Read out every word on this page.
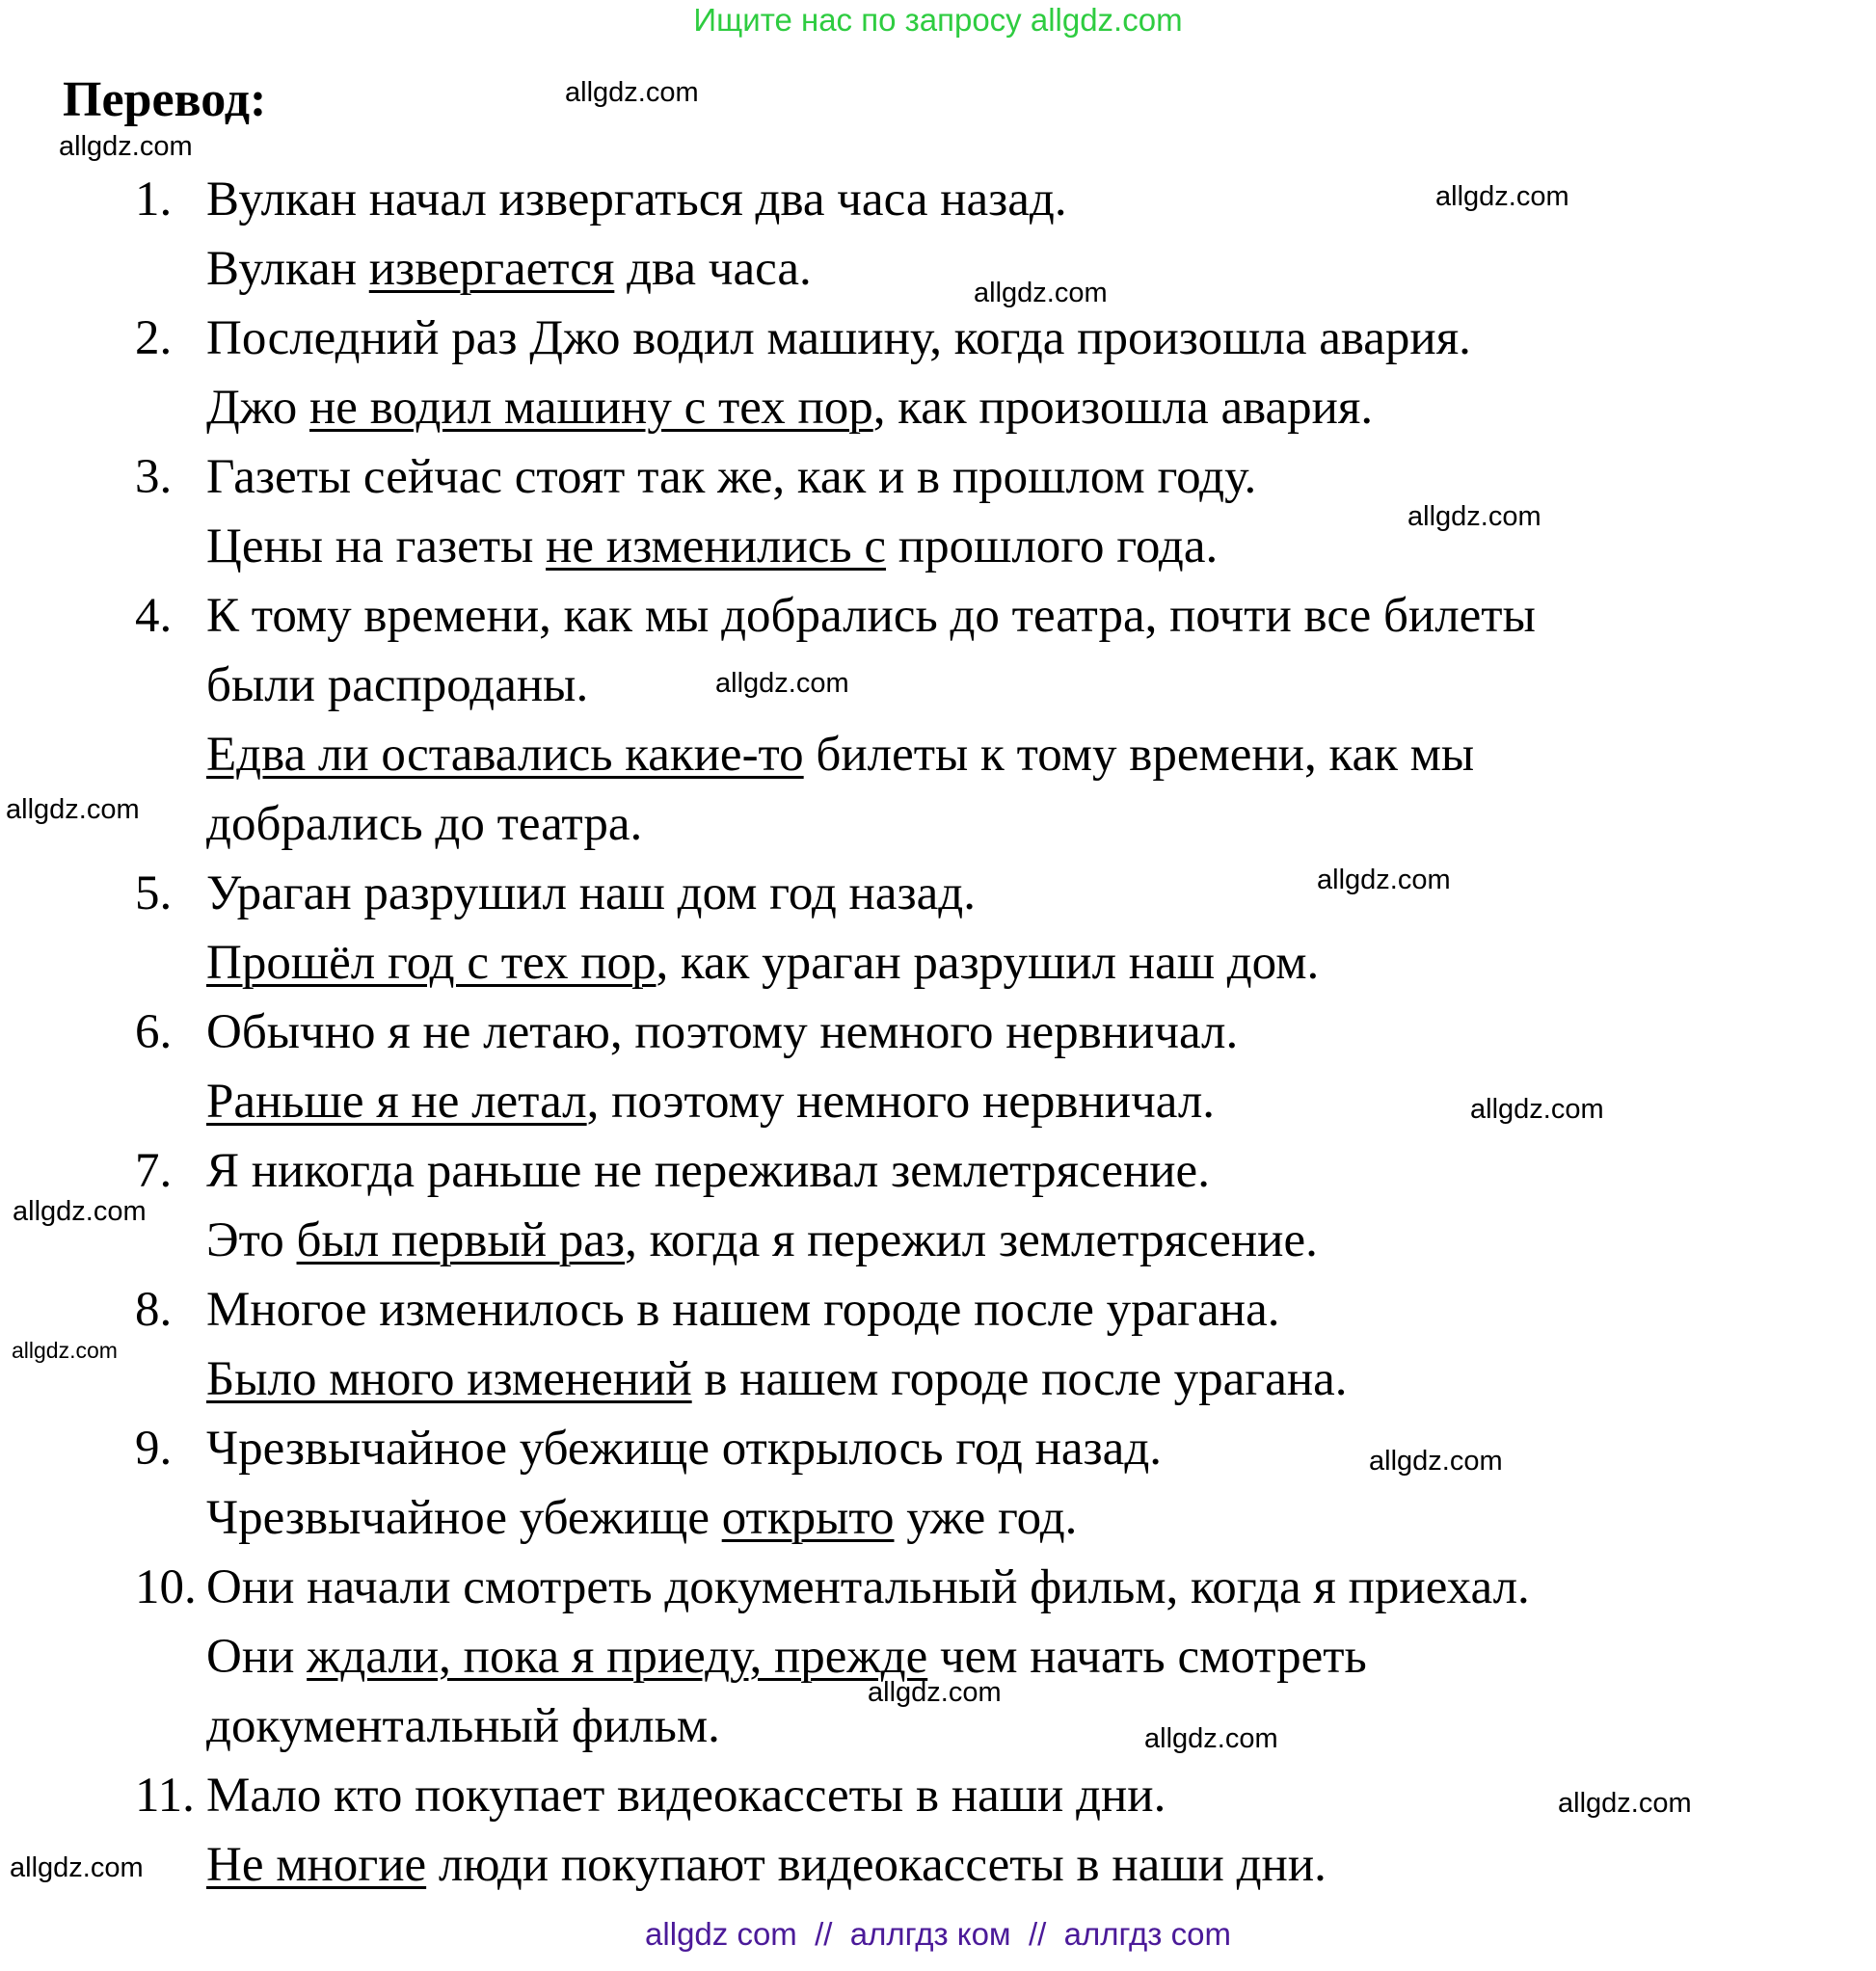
Ищите нас по запросу allgdz.com
Перевод:
1. Вулкан начал извергаться два часа назад.
Вулкан извергается два часа.
2. Последний раз Джо водил машину, когда произошла авария.
Джо не водил машину с тех пор, как произошла авария.
3. Газеты сейчас стоят так же, как и в прошлом году.
Цены на газеты не изменились с прошлого года.
4. К тому времени, как мы добрались до театра, почти все билеты
были распроданы.
Едва ли оставались какие-то билеты к тому времени, как мы
добрались до театра.
5. Ураган разрушил наш дом год назад.
Прошёл год с тех пор, как ураган разрушил наш дом.
6. Обычно я не летаю, поэтому немного нервничал.
Раньше я не летал, поэтому немного нервничал.
7. Я никогда раньше не переживал землетрясение.
Это был первый раз, когда я пережил землетрясение.
8. Многое изменилось в нашем городе после урагана.
Было много изменений в нашем городе после урагана.
9. Чрезвычайное убежище открылось год назад.
Чрезвычайное убежище открыто уже год.
10. Они начали смотреть документальный фильм, когда я приехал.
Они ждали, пока я приеду, прежде чем начать смотреть
документальный фильм.
11. Мало кто покупает видеокассеты в наши дни.
Не многие люди покупают видеокассеты в наши дни.
allgdz.com
allgdz.com
allgdz.com
allgdz.com
allgdz.com
allgdz.com
allgdz.com
allgdz.com
allgdz.com
allgdz.com
allgdz.com
allgdz.com
allgdz.com
allgdz.com
allgdz.com
allgdz.com
allgdz com  //  аллгдз ком  //  аллгдз com
